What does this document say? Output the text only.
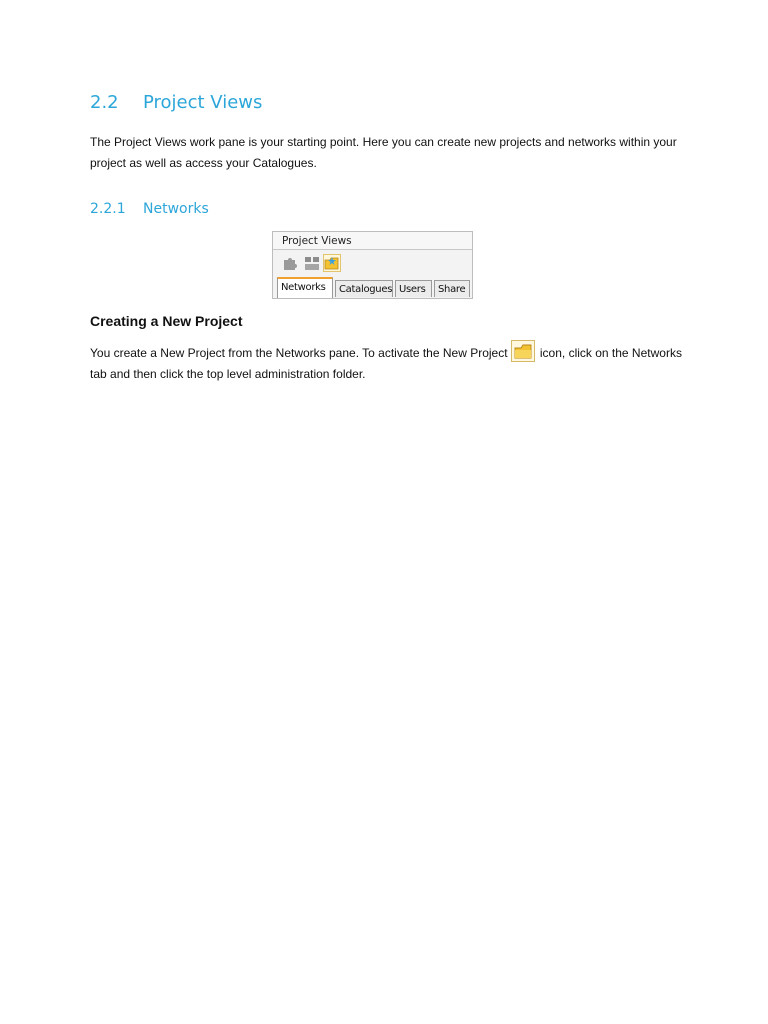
2.2 Project Views
The Project Views work pane is your starting point. Here you can create new projects and networks within your project as well as access your Catalogues.
2.2.1 Networks
Project Views
Catalogues Users	Share
Networks
Creating a New Project
You create a New Project from the Networks pane. To activate the New Project	icon, click on the Networks tab and then click the top level administration folder.
